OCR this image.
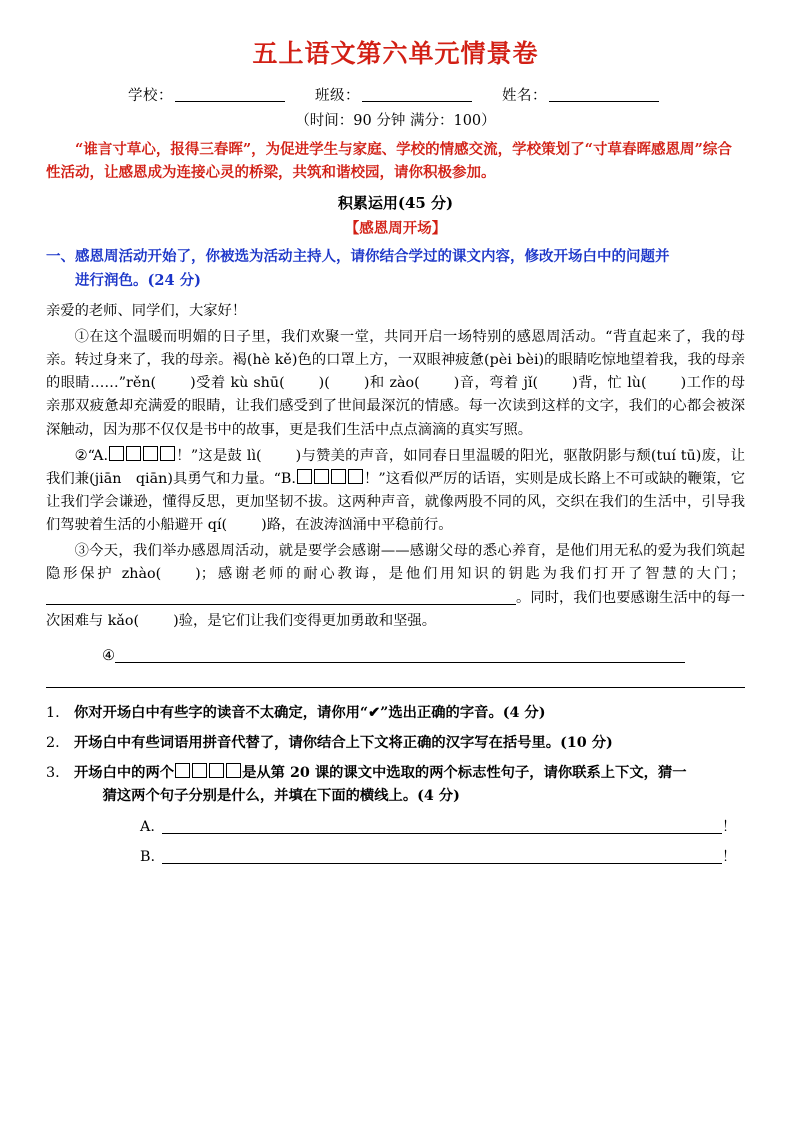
五上语文第六单元情景卷
学校：	班级：	姓名：
（时间：90 分钟 满分：100）
“谁言寸草心，报得三春晖”，为促进学生与家庭、学校的情感交流，学校策划了“寸草春晖感恩周”综合性活动，让感恩成为连接心灵的桥梁，共筑和谐校园，请你积极参加。
积累运用(45 分)
【感恩周开场】
一、感恩周活动开始了，你被选为活动主持人，请你结合学过的课文内容，修改开场白中的问题并
进行润色。(24 分)

亲爱的老师、同学们，大家好！

①在这个温暖而明媚的日子里，我们欢聚一堂，共同开启一场特别的感恩周活动。“背直起来了，我的母亲。转过身来了，我的母亲。褐(hè kě)色的口罩上方，一双眼神疲惫(pèi bèi)的眼睛吃惊地望着我，我的母亲的眼睛……”rěn( )受着 kù shū( )( )和 zào( )音，弯着 jǐ( )背，忙 lù( )工作的母亲那双疲惫却充满爱的眼睛，让我们感受到了世间最深沉的情感。每一次读到这样的文字，我们的心都会被深深触动，因为那不仅仅是书中的故事，更是我们生活中点点滴滴的真实写照。

②“A.	！”这是鼓 lì( )与赞美的声音，如同春日里温暖的阳光，驱散阴影与颓(tuí tū)废，让我们兼(jiān　qiān)具勇气和力量。“B.	！”这看似严厉的话语，实则是成长路上不可或缺的鞭策，它让我们学会谦逊，懂得反思，更加坚韧不拔。这两种声音，就像两股不同的风，交织在我们的生活中，引导我们驾驶着生活的小船避开 qí( )路，在波涛汹涌中平稳前行。

③今天，我们举办感恩周活动，就是要学会感谢——感谢父母的悉心养育，是他们用无私的爱为我们筑起隐形保护 zhào( )；感谢老师的耐心教诲，是他们用知识的钥匙为我们打开了智慧的大门；。同时，我们也要感谢生活中的每一次困难与 kǎo( )验，是它们让我们变得更加勇敢和坚强。

④

1. 你对开场白中有些字的读音不太确定，请你用“✔”选出正确的字音。(4 分)
2. 开场白中有些词语用拼音代替了，请你结合上下文将正确的汉字写在括号里。(10 分)
3. 开场白中的两个	是从第 20 课的课文中选取的两个标志性句子，请你联系上下文，猜一
猜这两个句子分别是什么，并填在下面的横线上。(4 分)
A.	！
B.	！
